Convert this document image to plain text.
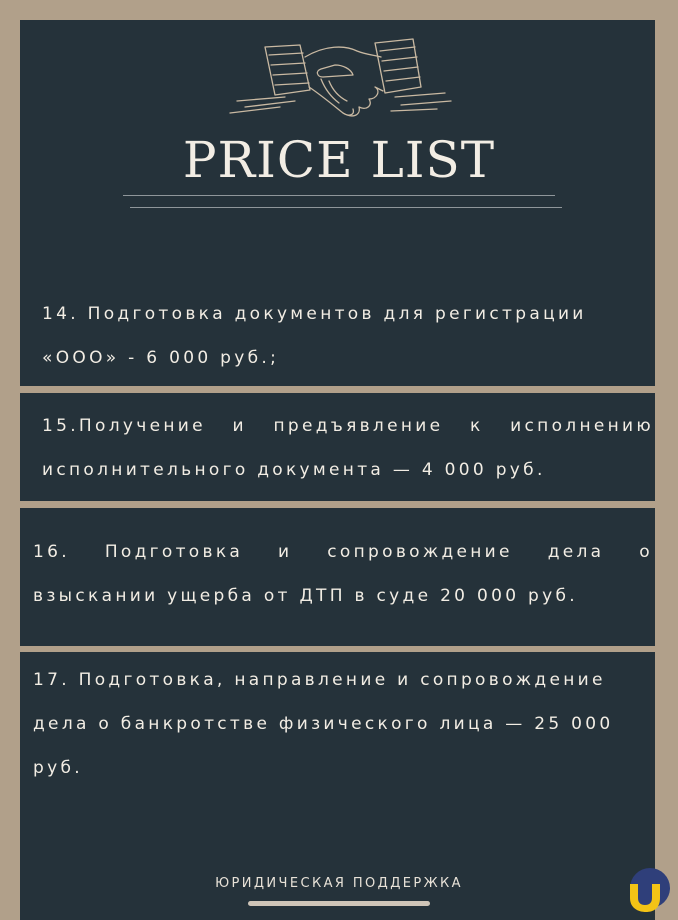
PRICE LIST

14. Подготовка документов для регистрации «ООО» - 6 000 руб.;

15.Получение и предъявление к исполнению исполнительного документа — 4 000 руб.

16. Подготовка и сопровождение дела о взыскании ущерба от ДТП в суде 20 000 руб.

17. Подготовка, направление и сопровождение дела о банкротстве физического лица — 25 000 руб.

ЮРИДИЧЕСКАЯ ПОДДЕРЖКА
